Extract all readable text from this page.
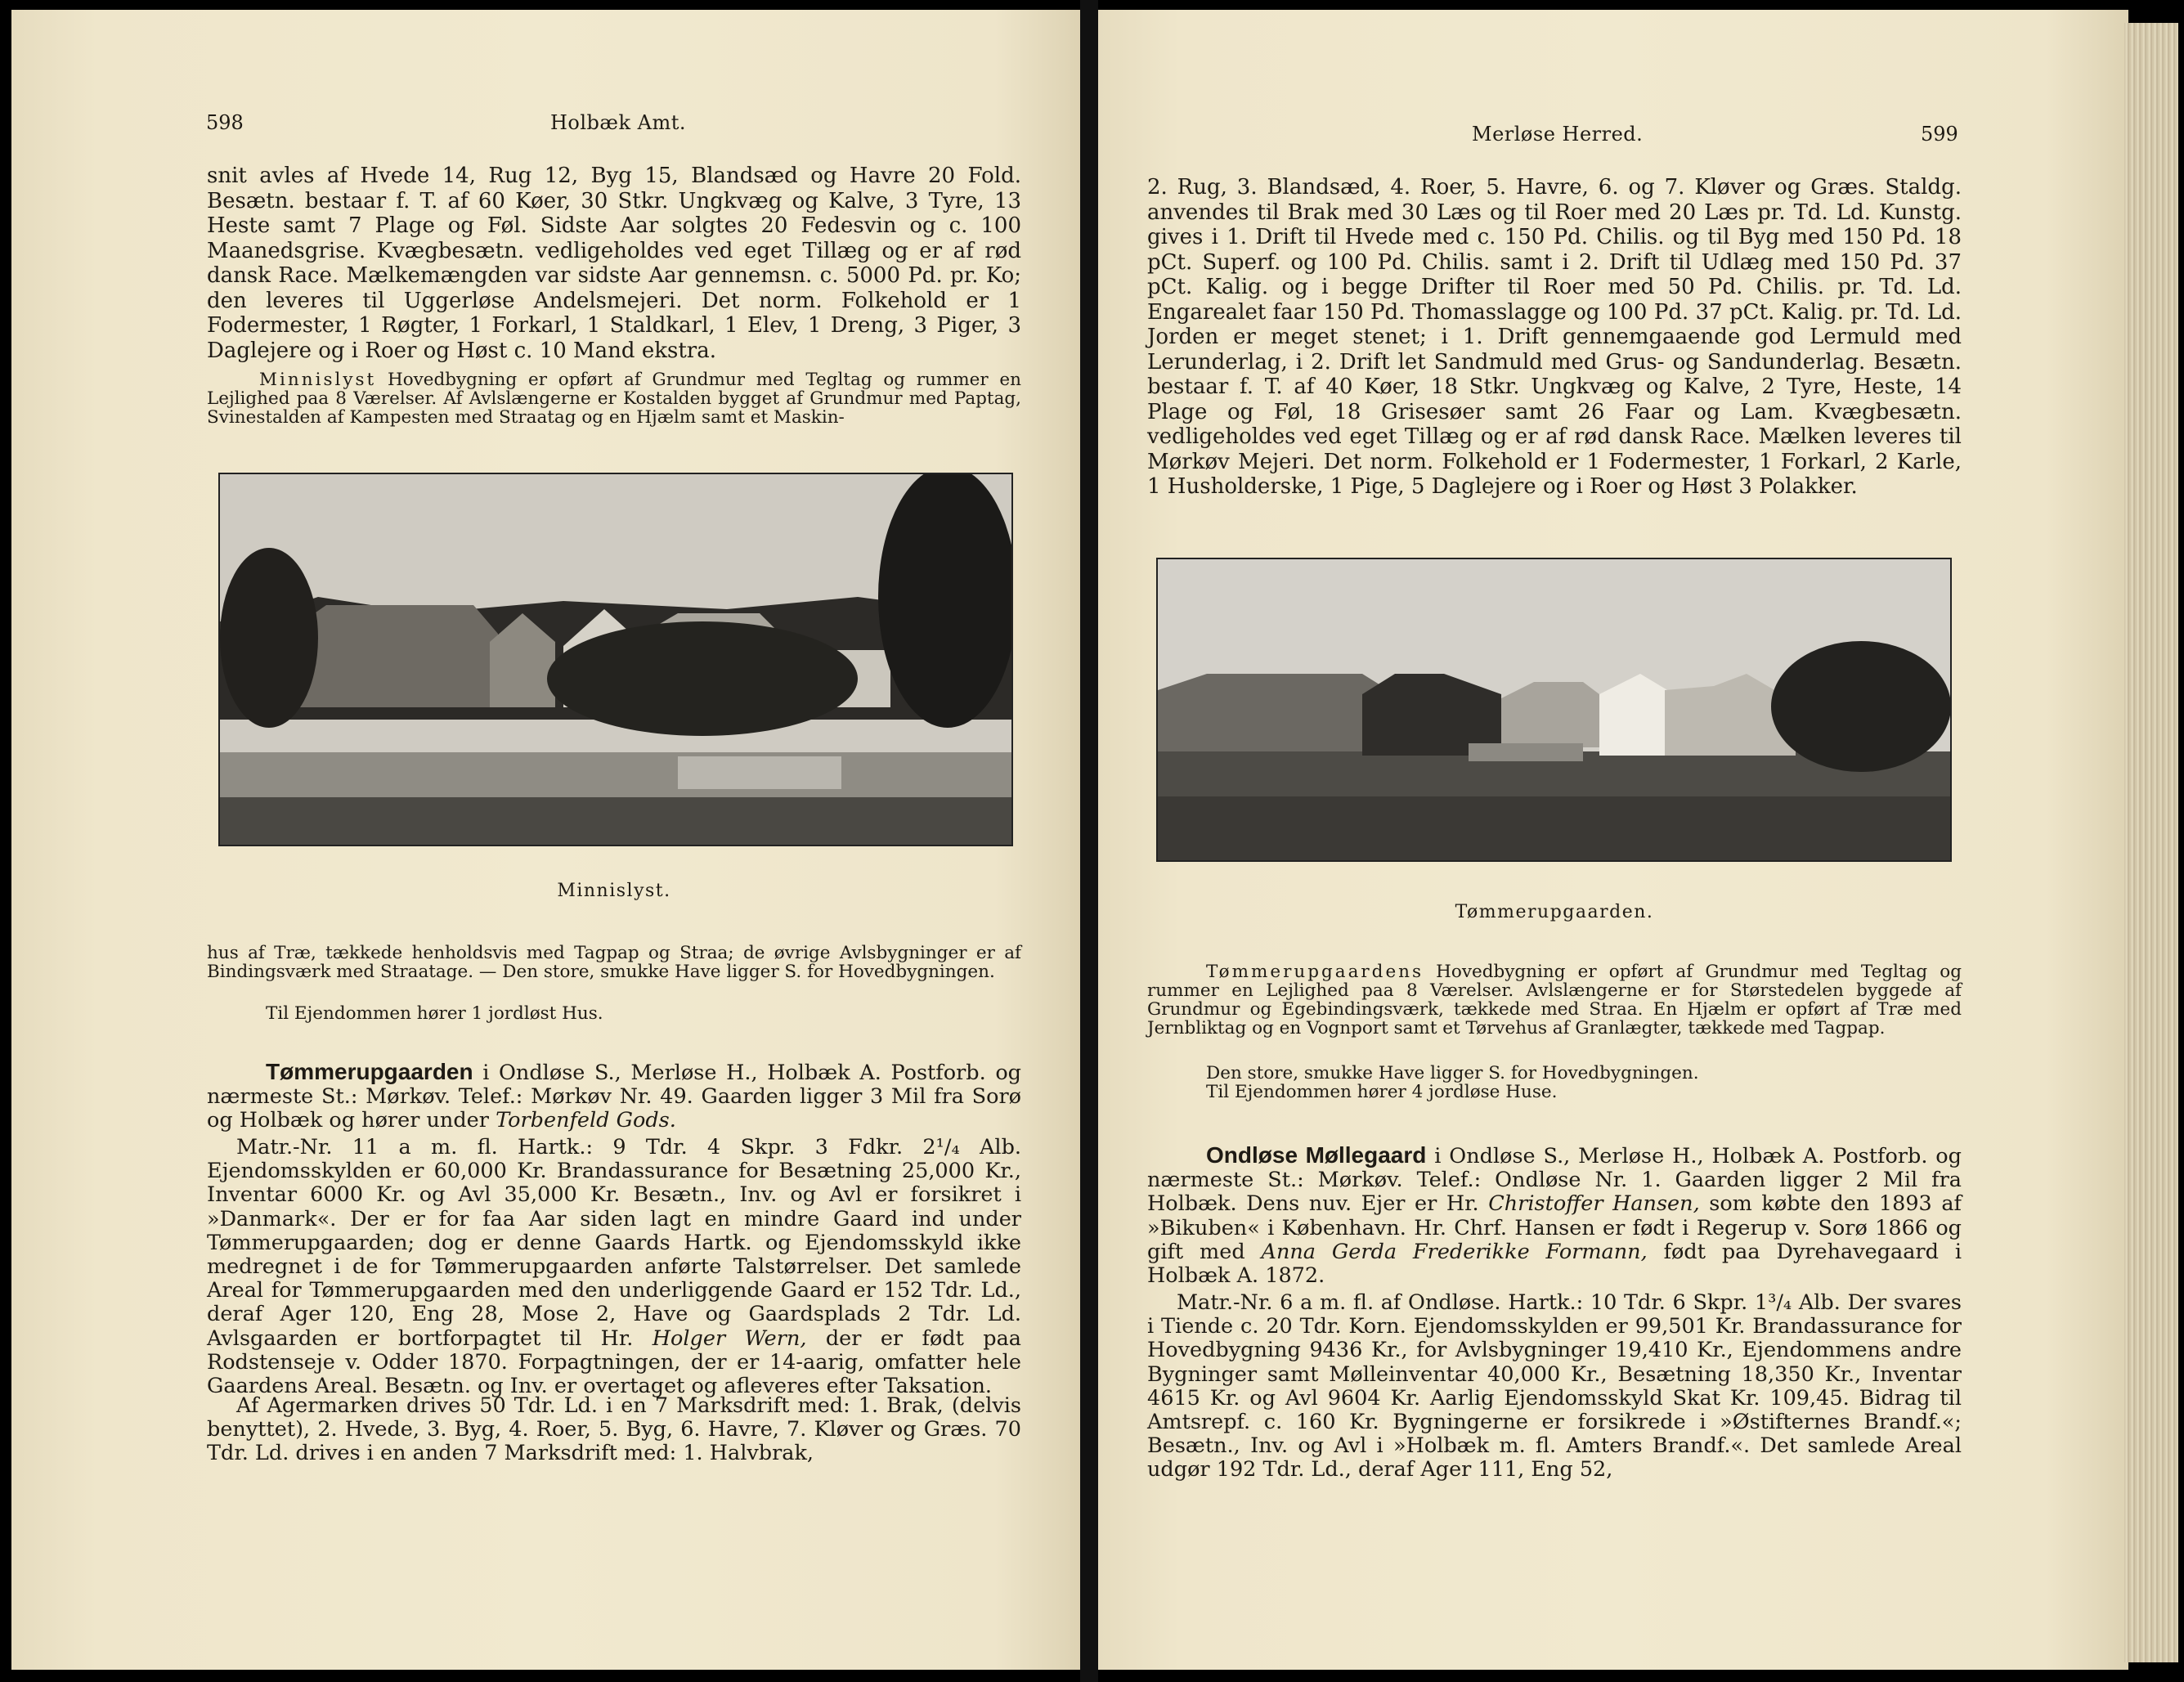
598	Holbæk Amt.

snit avles af Hvede 14, Rug 12, Byg 15, Blandsæd og Havre 20 Fold. Besætn. bestaar f. T. af 60 Køer, 30 Stkr. Ungkvæg og Kalve, 3 Tyre, 13 Heste samt 7 Plage og Føl. Sidste Aar solgtes 20 Fedesvin og c. 100 Maanedsgrise. Kvægbesætn. vedligeholdes ved eget Tillæg og er af rød dansk Race. Mælkemængden var sidste Aar gennemsn. c. 5000 Pd. pr. Ko; den leveres til Uggerløse Andelsmejeri. Det norm. Folkehold er 1 Fodermester, 1 Røgter, 1 Forkarl, 1 Staldkarl, 1 Elev, 1 Dreng, 3 Piger, 3 Daglejere og i Roer og Høst c. 10 Mand ekstra.

Minnislyst Hovedbygning er opført af Grundmur med Tegltag og rummer en Lejlighed paa 8 Værelser. Af Avlslængerne er Kostalden bygget af Grundmur med Paptag, Svinestalden af Kampesten med Straatag og en Hjælm samt et Maskin-

Minnislyst.

hus af Træ, tækkede henholdsvis med Tagpap og Straa; de øvrige Avlsbygninger er af Bindingsværk med Straatage. — Den store, smukke Have ligger S. for Hovedbygningen.

Til Ejendommen hører 1 jordløst Hus.

Tømmerupgaarden i Ondløse S., Merløse H., Holbæk A. Postforb. og nærmeste St.: Mørkøv. Telef.: Mørkøv Nr. 49. Gaarden ligger 3 Mil fra Sorø og Holbæk og hører under Torbenfeld Gods.

Matr.-Nr. 11 a m. fl. Hartk.: 9 Tdr. 4 Skpr. 3 Fdkr. 2¹/₄ Alb. Ejendomsskylden er 60,000 Kr. Brandassurance for Besætning 25,000 Kr., Inventar 6000 Kr. og Avl 35,000 Kr. Besætn., Inv. og Avl er forsikret i »Danmark«. Der er for faa Aar siden lagt en mindre Gaard ind under Tømmerupgaarden; dog er denne Gaards Hartk. og Ejendomsskyld ikke medregnet i de for Tømmerupgaarden anførte Talstørrelser. Det samlede Areal for Tømmerupgaarden med den underliggende Gaard er 152 Tdr. Ld., deraf Ager 120, Eng 28, Mose 2, Have og Gaardsplads 2 Tdr. Ld. Avlsgaarden er bortforpagtet til Hr. Holger Wern, der er født paa Rodstenseje v. Odder 1870. Forpagtningen, der er 14-aarig, omfatter hele Gaardens Areal. Besætn. og Inv. er overtaget og afleveres efter Taksation.

Af Agermarken drives 50 Tdr. Ld. i en 7 Marksdrift med: 1. Brak, (delvis benyttet), 2. Hvede, 3. Byg, 4. Roer, 5. Byg, 6. Havre, 7. Kløver og Græs. 70 Tdr. Ld. drives i en anden 7 Marksdrift med: 1. Halvbrak,

Merløse Herred.	599

2. Rug, 3. Blandsæd, 4. Roer, 5. Havre, 6. og 7. Kløver og Græs. Staldg. anvendes til Brak med 30 Læs og til Roer med 20 Læs pr. Td. Ld. Kunstg. gives i 1. Drift til Hvede med c. 150 Pd. Chilis. og til Byg med 150 Pd. 18 pCt. Superf. og 100 Pd. Chilis. samt i 2. Drift til Udlæg med 150 Pd. 37 pCt. Kalig. og i begge Drifter til Roer med 50 Pd. Chilis. pr. Td. Ld. Engarealet faar 150 Pd. Thomasslagge og 100 Pd. 37 pCt. Kalig. pr. Td. Ld. Jorden er meget stenet; i 1. Drift gennemgaaende god Lermuld med Lerunderlag, i 2. Drift let Sandmuld med Grus- og Sandunderlag. Besætn. bestaar f. T. af 40 Køer, 18 Stkr. Ungkvæg og Kalve, 2 Tyre, Heste, 14 Plage og Føl, 18 Grisesøer samt 26 Faar og Lam. Kvægbesætn. vedligeholdes ved eget Tillæg og er af rød dansk Race. Mælken leveres til Mørkøv Mejeri. Det norm. Folkehold er 1 Fodermester, 1 Forkarl, 2 Karle, 1 Husholderske, 1 Pige, 5 Daglejere og i Roer og Høst 3 Polakker.

Tømmerupgaarden.

Tømmerupgaardens Hovedbygning er opført af Grundmur med Tegltag og rummer en Lejlighed paa 8 Værelser. Avlslængerne er for Størstedelen byggede af Grundmur og Egebindingsværk, tækkede med Straa. En Hjælm er opført af Træ med Jernbliktag og en Vognport samt et Tørvehus af Granlægter, tækkede med Tagpap.

Den store, smukke Have ligger S. for Hovedbygningen.

Til Ejendommen hører 4 jordløse Huse.

Ondløse Møllegaard i Ondløse S., Merløse H., Holbæk A. Postforb. og nærmeste St.: Mørkøv. Telef.: Ondløse Nr. 1. Gaarden ligger 2 Mil fra Holbæk. Dens nuv. Ejer er Hr. Christoffer Hansen, som købte den 1893 af »Bikuben« i København. Hr. Chrf. Hansen er født i Regerup v. Sorø 1866 og gift med Anna Gerda Frederikke Formann, født paa Dyrehavegaard i Holbæk A. 1872.

Matr.-Nr. 6 a m. fl. af Ondløse. Hartk.: 10 Tdr. 6 Skpr. 1³/₄ Alb. Der svares i Tiende c. 20 Tdr. Korn. Ejendomsskylden er 99,501 Kr. Brandassurance for Hovedbygning 9436 Kr., for Avlsbygninger 19,410 Kr., Ejendommens andre Bygninger samt Mølleinventar 40,000 Kr., Besætning 18,350 Kr., Inventar 4615 Kr. og Avl 9604 Kr. Aarlig Ejendomsskyld Skat Kr. 109,45. Bidrag til Amtsrepf. c. 160 Kr. Bygningerne er forsikrede i »Østifternes Brandf.«; Besætn., Inv. og Avl i »Holbæk m. fl. Amters Brandf.«. Det samlede Areal udgør 192 Tdr. Ld., deraf Ager 111, Eng 52,
